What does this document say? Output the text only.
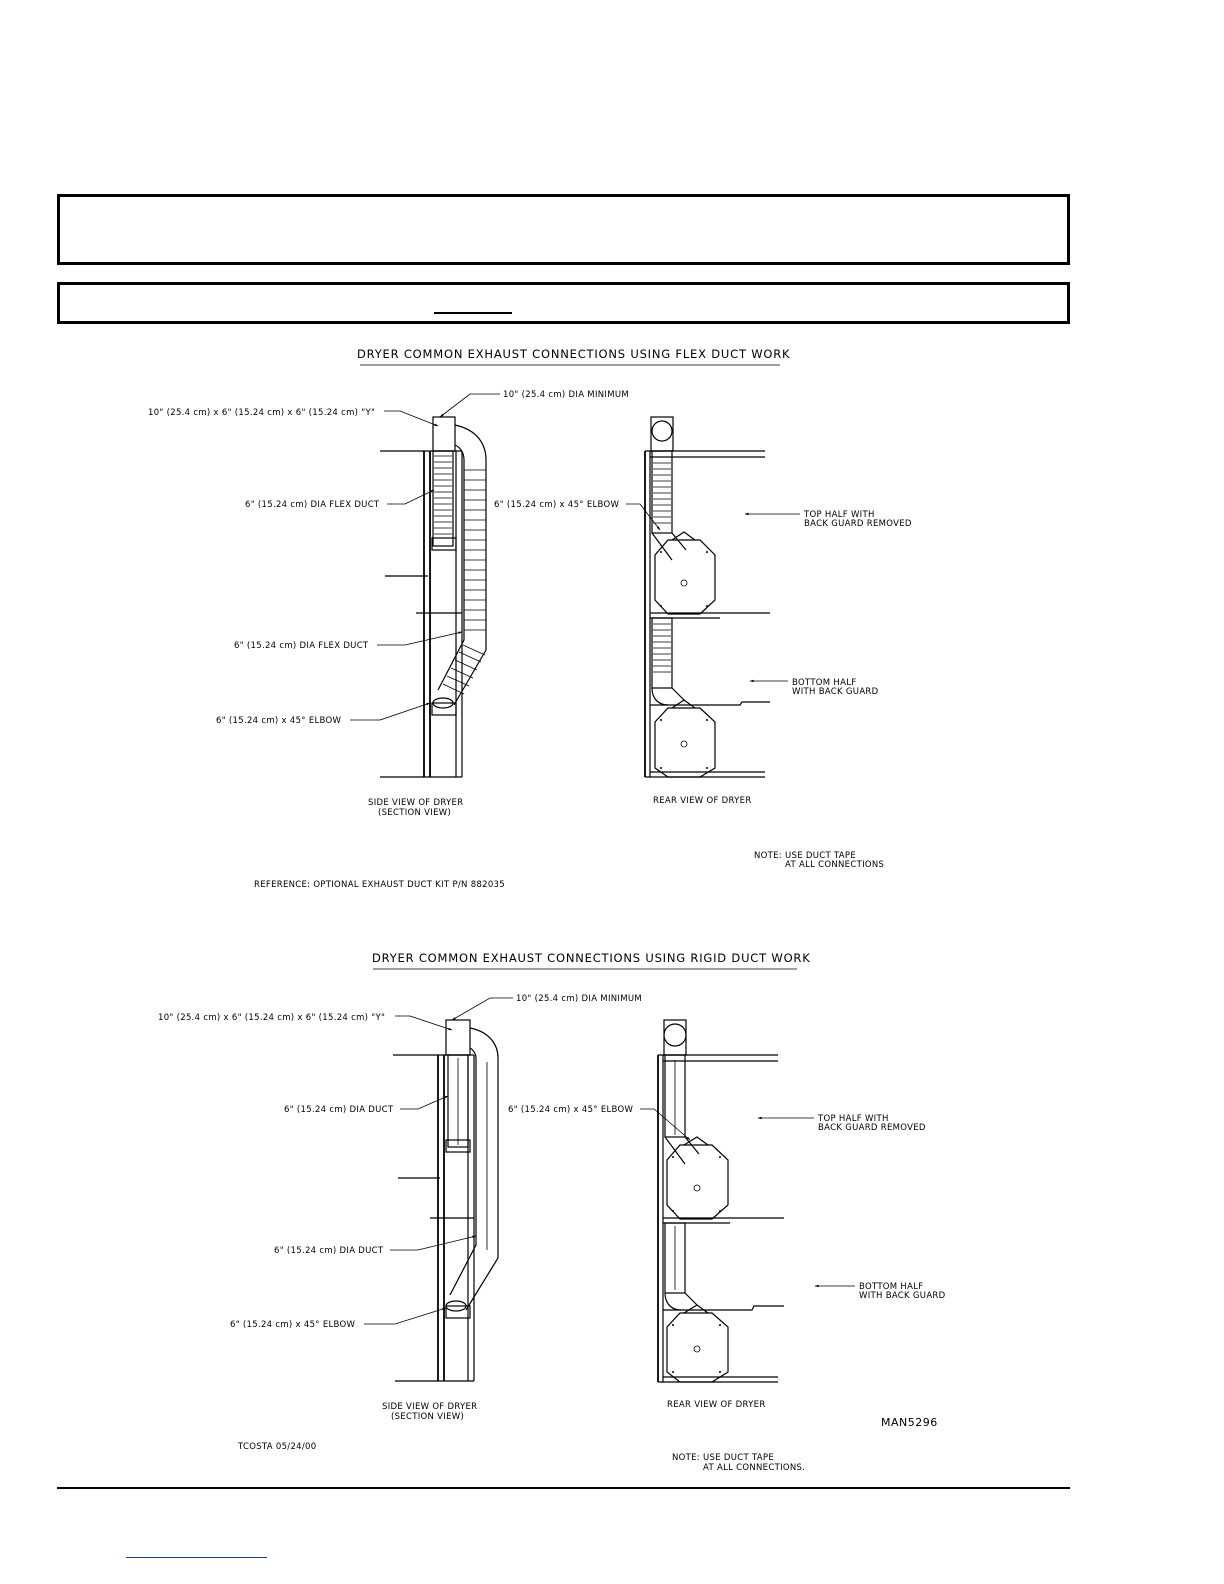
DRYER COMMON EXHAUST CONNECTIONS USING FLEX DUCT WORK
10" (25.4 cm) DIA MINIMUM
10" (25.4 cm) x 6" (15.24 cm) x 6" (15.24 cm) "Y"
6" (15.24 cm) DIA FLEX DUCT
6" (15.24 cm) DIA FLEX DUCT
6" (15.24 cm) x 45° ELBOW
SIDE VIEW OF DRYER
(SECTION VIEW)
6" (15.24 cm) x 45° ELBOW
TOP HALF WITH
BACK GUARD REMOVED
BOTTOM HALF
WITH BACK GUARD
REAR VIEW OF DRYER
NOTE: USE DUCT TAPE
AT ALL CONNECTIONS
REFERENCE: OPTIONAL EXHAUST DUCT KIT P/N 882035
DRYER COMMON EXHAUST CONNECTIONS USING RIGID DUCT WORK
10" (25.4 cm) DIA MINIMUM
10" (25.4 cm) x 6" (15.24 cm) x 6" (15.24 cm) "Y"
6" (15.24 cm) DIA DUCT
6" (15.24 cm) DIA DUCT
6" (15.24 cm) x 45° ELBOW
SIDE VIEW OF DRYER
(SECTION VIEW)
6" (15.24 cm) x 45° ELBOW
TOP HALF WITH
BACK GUARD REMOVED
BOTTOM HALF
WITH BACK GUARD
REAR VIEW OF DRYER
MAN5296
TCOSTA 05/24/00
NOTE: USE DUCT TAPE
AT ALL CONNECTIONS.
